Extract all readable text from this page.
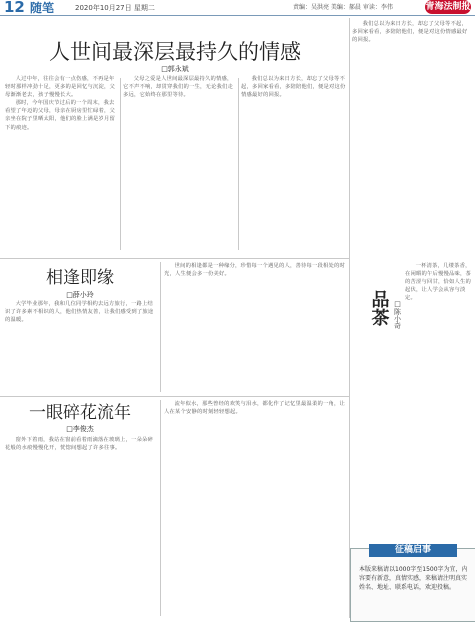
12 随笔	2020年10月27日 星期二	责编：吴洪亮 美编：郝晨 审读：李伟	青海法制报
人世间最深层最持久的情感
□郭永斌

人过中年，往往会有一点伤感，不再是年轻时那样冲劲十足，更多的是回忆与沉淀，父母渐渐老去，孩子慢慢长大。

那时，今年国庆节过后的一个周末，我去看望了年迈的父母，母亲在厨房里忙碌着，父亲坐在院子里晒太阳，他们的脸上满是岁月留下的痕迹。

父母之爱是人世间最深层最持久的情感，它不声不响，却贯穿我们的一生，无论我们走多远，它始终在那里等待。

我们总以为来日方长，却忘了父母等不起，多回家看看，多陪陪他们，便是对这份情感最好的回报。

我们总以为来日方长，却忘了父母等不起，多回家看看，多陪陪他们，便是对这份情感最好的回报。

相逢即缘
□薛小玲

大学毕业那年，我和几位同学相约去远方旅行，一路上结识了许多素不相识的人，他们热情友善，让我们感受到了旅途的温暖。

世间的相逢都是一种缘分，珍惜每一个遇见的人，善待每一段相处的时光，人生便会多一份美好。

一眼碎花流年
□李俊杰

窗外下着雨，我站在窗前看着雨滴落在玻璃上，一朵朵碎花般的水痕慢慢化开，恍惚间想起了许多往事。

流年似水，那些曾经的欢笑与泪水，都化作了记忆里最温柔的一角，让人在某个安静的时刻轻轻想起。

品茶 □陈小奇

一杯清茶，几缕茶香，在闲暇的午后慢慢品味，茶的苦涩与回甘，恰如人生的起伏，让人学会从容与淡定。

征稿启事
本版来稿请以1000字至1500字为宜，内容要有新意，真情实感，来稿请注明真实姓名、地址、联系电话，欢迎投稿。
